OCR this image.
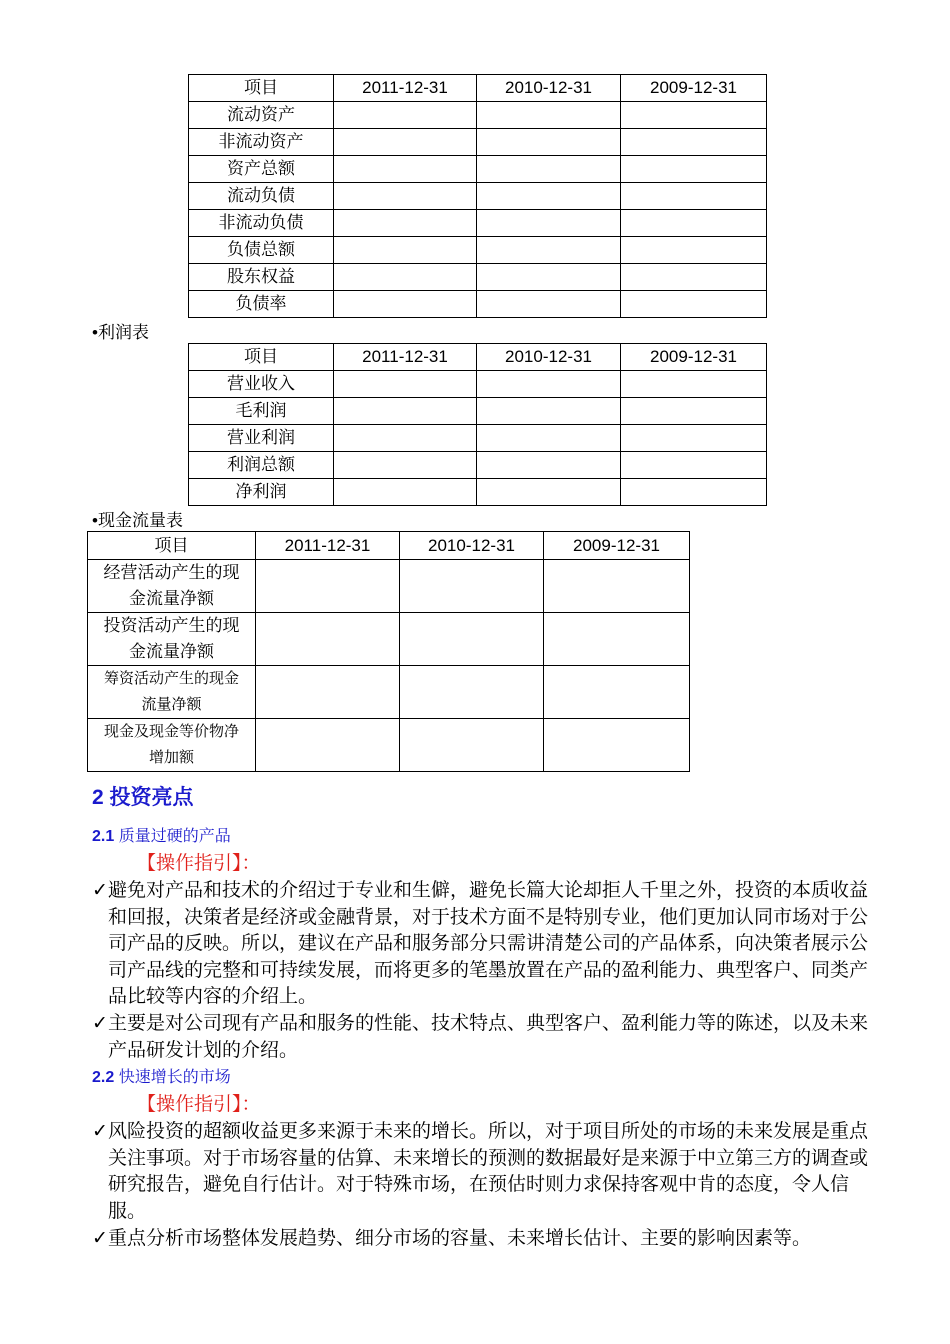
项目	2011-12-31	2010-12-31	2009-12-31
流动资产			
非流动资产			
资产总额			
流动负债			
非流动负债			
负债总额			
股东权益			
负债率			
•利润表
项目	2011-12-31	2010-12-31	2009-12-31
营业收入			
毛利润			
营业利润			
利润总额			
净利润			
•现金流量表
项目	2011-12-31	2010-12-31	2009-12-31

经营活动产生的现
金流量净额			

投资活动产生的现
金流量净额			

筹资活动产生的现金
流量净额			

现金及现金等价物净
增加额			

2 投资亮点
2.1 质量过硬的产品
【操作指引】：
✓ 避免对产品和技术的介绍过于专业和生僻，避免长篇大论却拒人千里之外，投资的本质收益和回报，决策者是经济或金融背景，对于技术方面不是特别专业，他们更加认同市场对于公司产品的反映。所以，建议在产品和服务部分只需讲清楚公司的产品体系，向决策者展示公司产品线的完整和可持续发展，而将更多的笔墨放置在产品的盈利能力、典型客户、同类产品比较等内容的介绍上。
✓ 主要是对公司现有产品和服务的性能、技术特点、典型客户、盈利能力等的陈述，以及未来产品研发计划的介绍。
2.2 快速增长的市场
【操作指引】：
✓ 风险投资的超额收益更多来源于未来的增长。所以，对于项目所处的市场的未来发展是重点关注事项。对于市场容量的估算、未来增长的预测的数据最好是来源于中立第三方的调查或研究报告，避免自行估计。对于特殊市场，在预估时则力求保持客观中肯的态度，令人信服。
✓ 重点分析市场整体发展趋势、细分市场的容量、未来增长估计、主要的影响因素等。
